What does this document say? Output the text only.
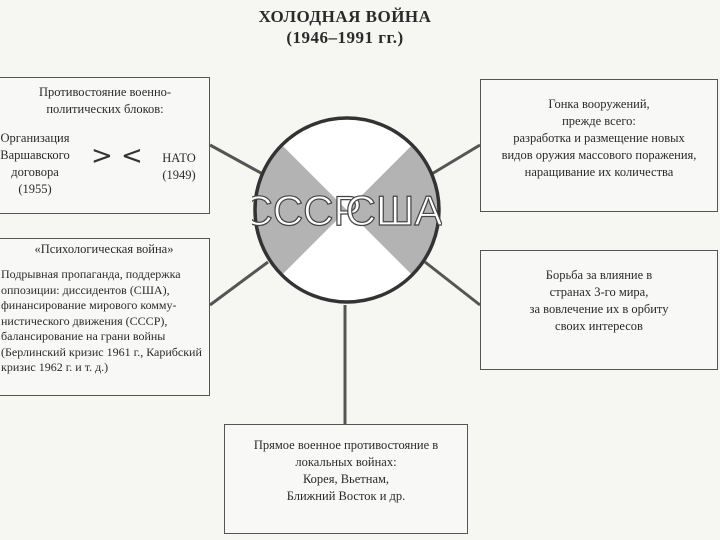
ХОЛОДНАЯ ВОЙНА
(1946–1991 гг.)
СССР
США
Противостояние военно-
политических блоков:
Организация
Варшавского
договора
(1955)
> <	НАТО
(1949)
Гонка вооружений,
прежде всего:
разработка и размещение новых
видов оружия массового поражения,
наращивание их количества
«Психологическая война»
Подрывная пропаганда, поддержка
оппозиции: диссидентов (США),
финансирование мирового комму-
нистического движения (СССР),
балансирование на грани войны
(Берлинский кризис 1961 г., Карибский
кризис 1962 г. и т. д.)
Борьба за влияние в
странах 3-го мира,
за вовлечение их в орбиту
своих интересов
Прямое военное противостояние в
локальных войнах:
Корея, Вьетнам,
Ближний Восток и др.
